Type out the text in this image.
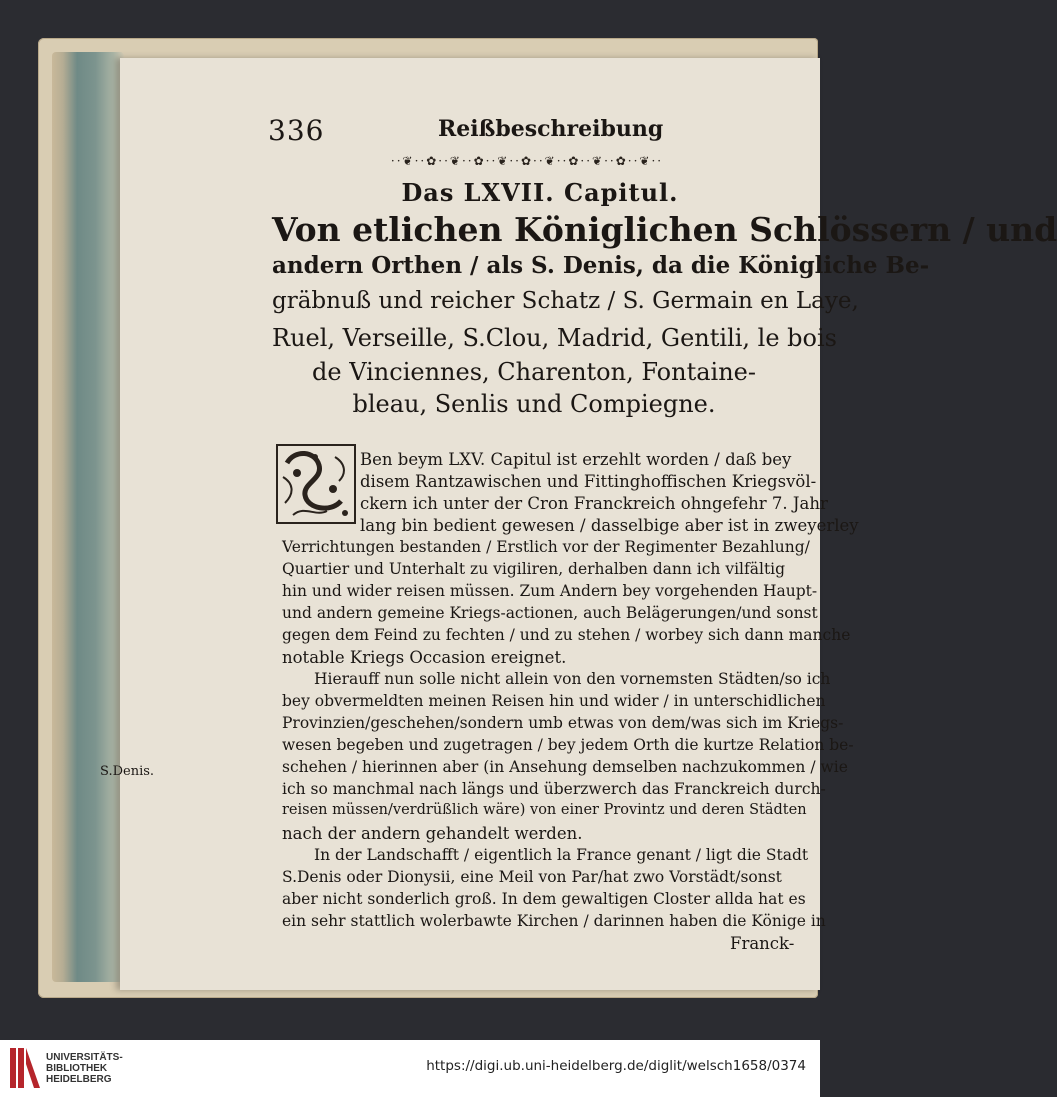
336	Reißbeschreibung
··❦··✿··❦··✿··❦··✿··❦··✿··❦··✿··❦··
Das LXVII. Capitul.
Von etlichen Königlichen Schlössern / und
andern Orthen / als S. Denis, da die Königliche Be-
gräbnuß und reicher Schatz / S. Germain en Laye,
Ruel, Verseille, S.Clou, Madrid, Gentili, le bois
de Vinciennes, Charenton, Fontaine-
bleau, Senlis und Compiegne.
Ben beym LXV. Capitul ist erzehlt worden / daß bey
disem Rantzawischen und Fittinghoffischen Kriegsvöl-
ckern ich unter der Cron Franckreich ohngefehr 7. Jahr
lang bin bedient gewesen / dasselbige aber ist in zweyerley
Verrichtungen bestanden / Erstlich vor der Regimenter Bezahlung/
Quartier und Unterhalt zu vigiliren, derhalben dann ich vilfältig
hin und wider reisen müssen. Zum Andern bey vorgehenden Haupt-
und andern gemeine Kriegs-actionen, auch Belägerungen/und sonst
gegen dem Feind zu fechten / und zu stehen / worbey sich dann manche
notable Kriegs Occasion ereignet.
Hierauff nun solle nicht allein von den vornemsten Städten/so ich
bey obvermeldten meinen Reisen hin und wider / in unterschidlichen
Provinzien/geschehen/sondern umb etwas von dem/was sich im Kriegs-
wesen begeben und zugetragen / bey jedem Orth die kurtze Relation be-
schehen / hierinnen aber (in Ansehung demselben nachzukommen / wie
ich so manchmal nach längs und überzwerch das Franckreich durch-
reisen müssen/verdrüßlich wäre) von einer Provintz und deren Städten
nach der andern gehandelt werden.
In der Landschafft / eigentlich la France genant / ligt die Stadt
S.Denis oder Dionysii, eine Meil von Par/hat zwo Vorstädt/sonst
aber nicht sonderlich groß. In dem gewaltigen Closter allda hat es
ein sehr stattlich wolerbawte Kirchen / darinnen haben die Könige in
Franck-
S.Denis.
UNIVERSITÄTS-
BIBLIOTHEK
HEIDELBERG
https://digi.ub.uni-heidelberg.de/diglit/welsch1658/0374
